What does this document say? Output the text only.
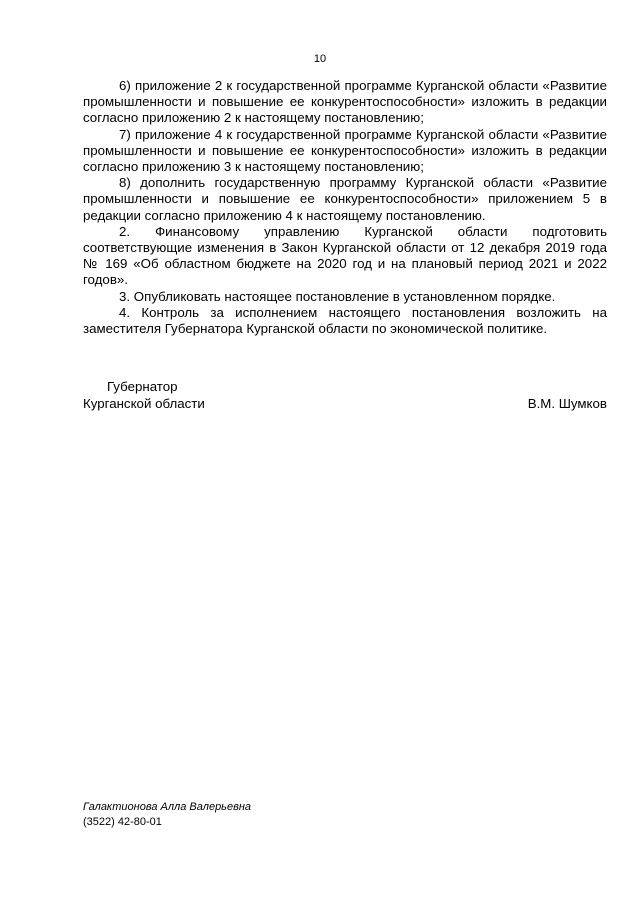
10

6) приложение 2 к государственной программе Курганской области «Развитие промышленности и повышение ее конкурентоспособности» изложить в редакции согласно приложению 2 к настоящему постановлению;

7) приложение 4 к государственной программе Курганской области «Развитие промышленности и повышение ее конкурентоспособности» изложить в редакции согласно приложению 3 к настоящему постановлению;

8) дополнить государственную программу Курганской области «Развитие промышленности и повышение ее конкурентоспособности» приложением 5 в редакции согласно приложению 4 к настоящему постановлению.

2. Финансовому управлению Курганской области подготовить соответствующие изменения в Закон Курганской области от 12 декабря 2019 года № 169 «Об областном бюджете на 2020 год и на плановый период 2021 и 2022 годов».

3. Опубликовать настоящее постановление в установленном порядке.

4. Контроль за исполнением настоящего постановления возложить на заместителя Губернатора Курганской области по экономической политике.

Губернатор
Курганской области	В.М. Шумков
Галактионова Алла Валерьевна
(3522) 42-80-01
